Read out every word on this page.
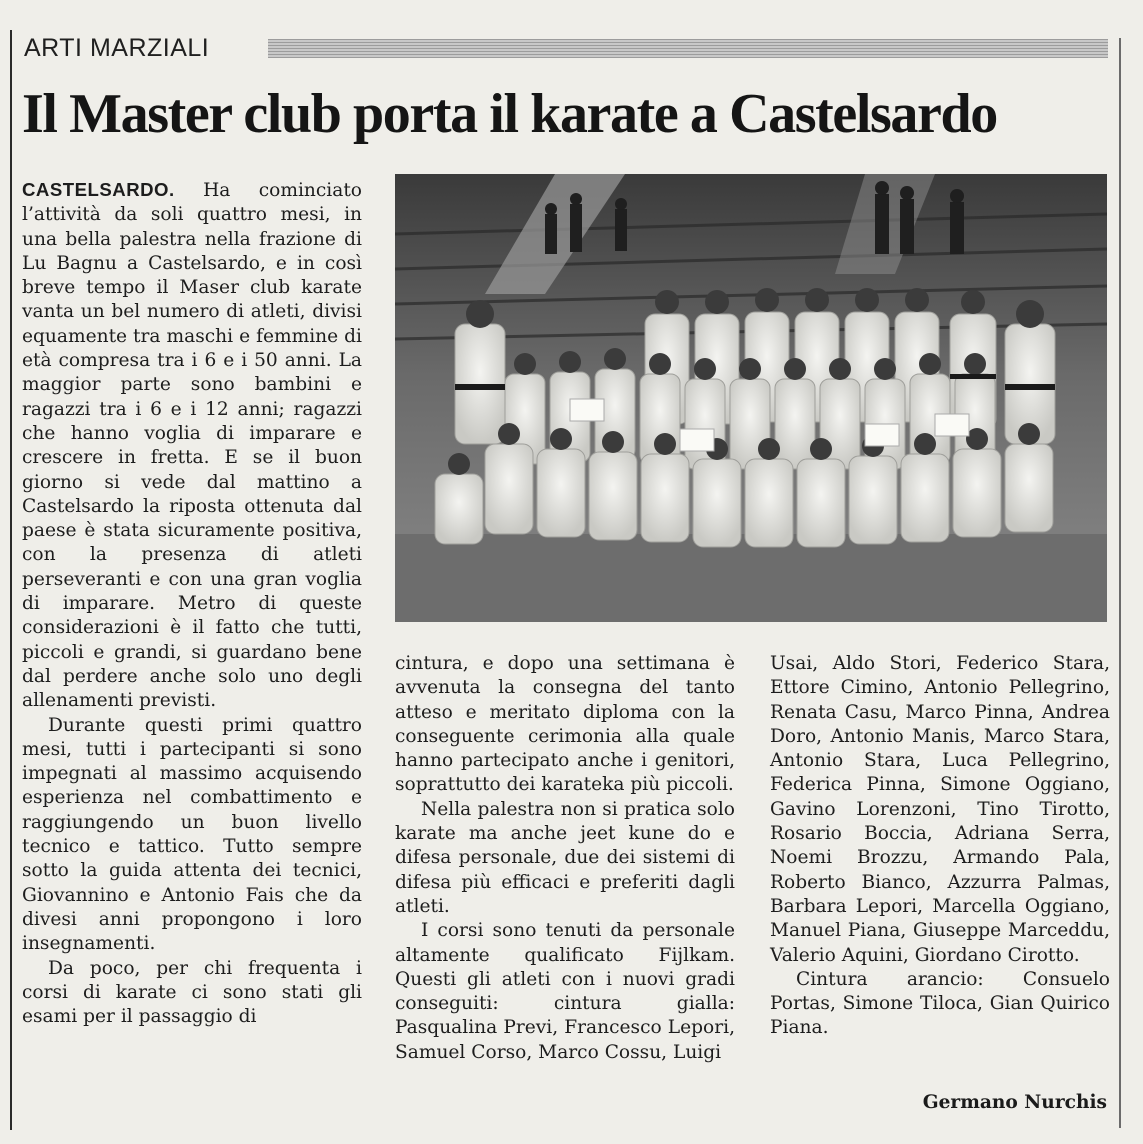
ARTI MARZIALI
Il Master club porta il karate a Castelsardo

CASTELSARDO. Ha cominciato l’attività da soli quattro mesi, in una bella palestra nella frazione di Lu Bagnu a Castelsardo, e in così breve tempo il Maser club karate vanta un bel numero di atleti, divisi equamente tra maschi e femmine di età compresa tra i 6 e i 50 anni. La maggior parte sono bambini e ragazzi tra i 6 e i 12 anni; ragazzi che hanno voglia di imparare e crescere in fretta. E se il buon giorno si vede dal mattino a Castelsardo la riposta ottenuta dal paese è stata sicuramente positiva, con la presenza di atleti perseveranti e con una gran voglia di imparare. Metro di queste considerazioni è il fatto che tutti, piccoli e grandi, si guardano bene dal perdere anche solo uno degli allenamenti previsti.

Durante questi primi quattro mesi, tutti i partecipanti si sono impegnati al massimo acquisendo esperienza nel combattimento e raggiungendo un buon livello tecnico e tattico. Tutto sempre sotto la guida attenta dei tecnici, Giovannino e Antonio Fais che da divesi anni propongono i loro insegnamenti.

Da poco, per chi frequenta i corsi di karate ci sono stati gli esami per il passaggio di

cintura, e dopo una settimana è avvenuta la consegna del tanto atteso e meritato diploma con la conseguente cerimonia alla quale hanno partecipato anche i genitori, soprattutto dei karateka più piccoli.

Nella palestra non si pratica solo karate ma anche jeet kune do e difesa personale, due dei sistemi di difesa più efficaci e preferiti dagli atleti.

I corsi sono tenuti da personale altamente qualificato Fijlkam. Questi gli atleti con i nuovi gradi conseguiti: cintura gialla: Pasqualina Previ, Francesco Lepori, Samuel Corso, Marco Cossu, Luigi

Usai, Aldo Stori, Federico Stara, Ettore Cimino, Antonio Pellegrino, Renata Casu, Marco Pinna, Andrea Doro, Antonio Manis, Marco Stara, Antonio Stara, Luca Pellegrino, Federica Pinna, Simone Oggiano, Gavino Lorenzoni, Tino Tirotto, Rosario Boccia, Adriana Serra, Noemi Brozzu, Armando Pala, Roberto Bianco, Azzurra Palmas, Barbara Lepori, Marcella Oggiano, Manuel Piana, Giuseppe Marceddu, Valerio Aquini, Giordano Cirotto.

Cintura arancio: Consuelo Portas, Simone Tiloca, Gian Quirico Piana.

Germano Nurchis
